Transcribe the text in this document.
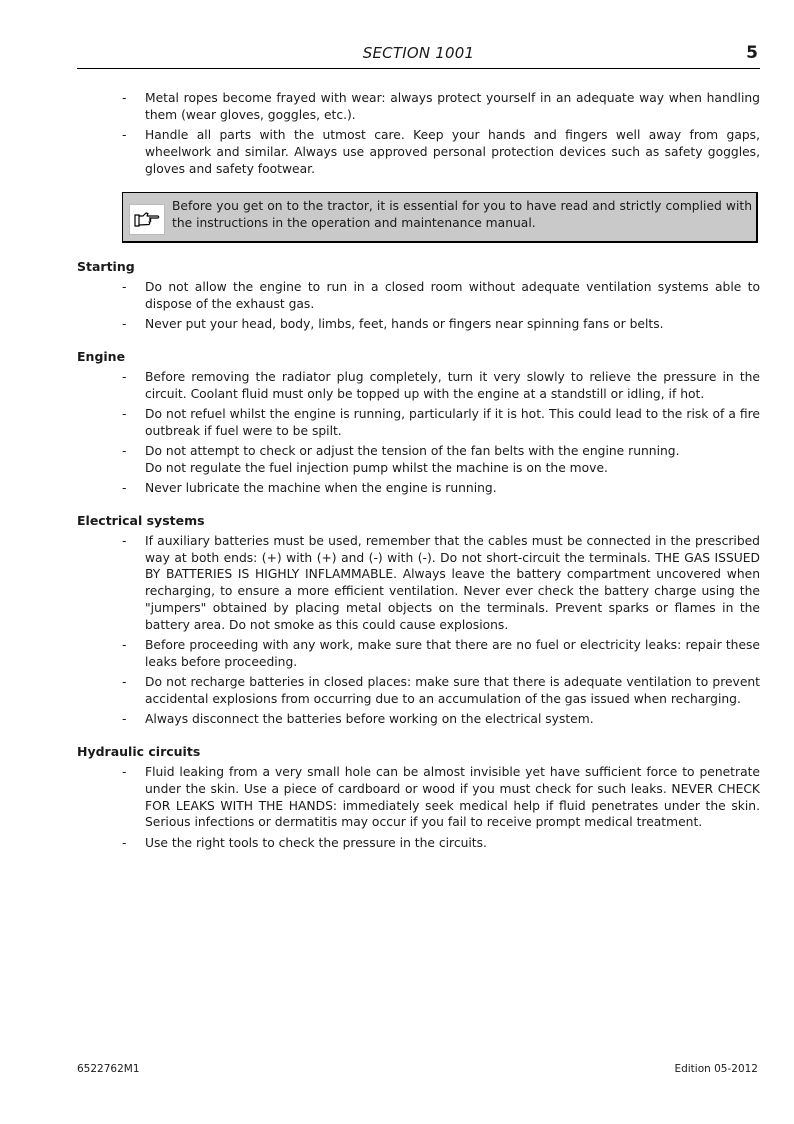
SECTION 1001	5
- Metal ropes become frayed with wear: always protect yourself in an adequate way when handling them (wear gloves, goggles, etc.).
- Handle all parts with the utmost care. Keep your hands and fingers well away from gaps, wheelwork and similar. Always use approved personal protection devices such as safety goggles, gloves and safety footwear.
Before you get on to the tractor, it is essential for you to have read and strictly complied with the instructions in the operation and maintenance manual.
Starting
- Do not allow the engine to run in a closed room without adequate ventilation systems able to dispose of the exhaust gas.
- Never put your head, body, limbs, feet, hands or fingers near spinning fans or belts.
Engine
- Before removing the radiator plug completely, turn it very slowly to relieve the pressure in the circuit. Coolant fluid must only be topped up with the engine at a standstill or idling, if hot.
- Do not refuel whilst the engine is running, particularly if it is hot. This could lead to the risk of a fire outbreak if fuel were to be spilt.
- Do not attempt to check or adjust the tension of the fan belts with the engine running.
Do not regulate the fuel injection pump whilst the machine is on the move.
- Never lubricate the machine when the engine is running.
Electrical systems
- If auxiliary batteries must be used, remember that the cables must be connected in the prescribed way at both ends: (+) with (+) and (-) with (-). Do not short-circuit the terminals. THE GAS ISSUED BY BATTERIES IS HIGHLY INFLAMMABLE. Always leave the battery compartment uncovered when recharging, to ensure a more efficient ventilation. Never ever check the battery charge using the "jumpers" obtained by placing metal objects on the terminals. Prevent sparks or flames in the battery area. Do not smoke as this could cause explosions.
- Before proceeding with any work, make sure that there are no fuel or electricity leaks: repair these leaks before proceeding.
- Do not recharge batteries in closed places: make sure that there is adequate ventilation to prevent accidental explosions from occurring due to an accumulation of the gas issued when recharging.
- Always disconnect the batteries before working on the electrical system.
Hydraulic circuits
- Fluid leaking from a very small hole can be almost invisible yet have sufficient force to penetrate under the skin. Use a piece of cardboard or wood if you must check for such leaks. NEVER CHECK FOR LEAKS WITH THE HANDS: immediately seek medical help if fluid penetrates under the skin. Serious infections or dermatitis may occur if you fail to receive prompt medical treatment.
- Use the right tools to check the pressure in the circuits.
6522762M1	Edition 05-2012
